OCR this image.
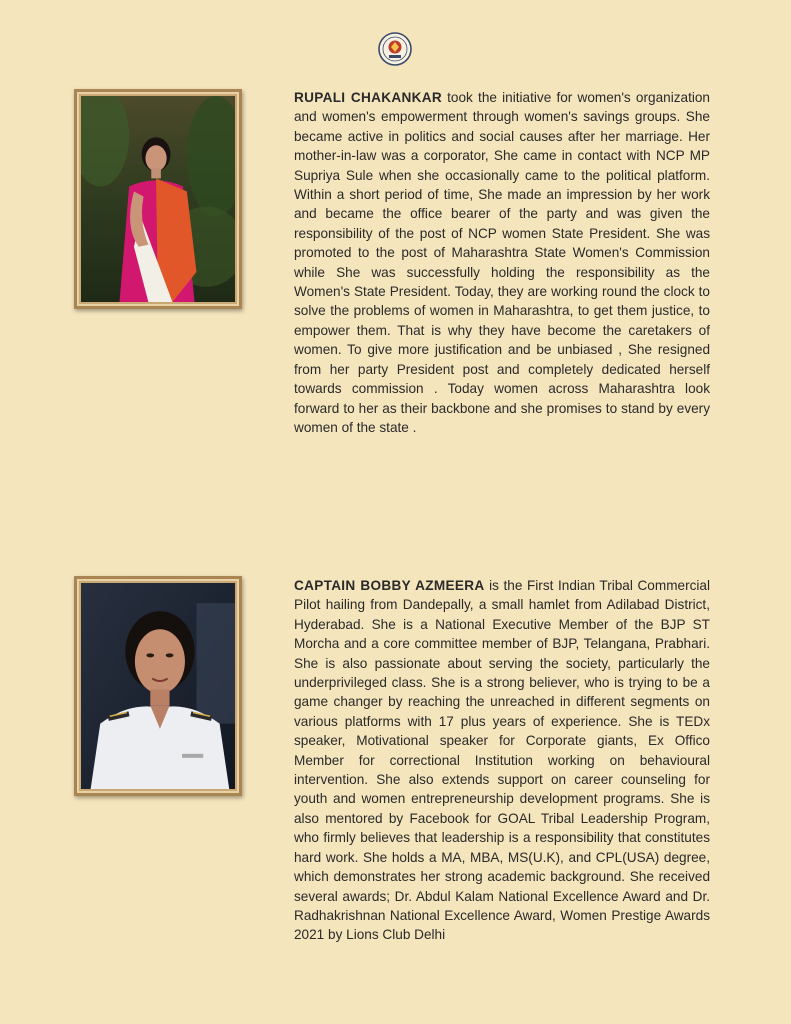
RUPALI CHAKANKAR took the initiative for women's organization and women's empowerment through women's savings groups. She became active in politics and social causes after her marriage. Her mother-in-law was a corporator, She came in contact with NCP MP Supriya Sule when she occasionally came to the political platform. Within a short period of time, She made an impression by her work and became the office bearer of the party and was given the responsibility of the post of NCP women State President. She was promoted to the post of Maharashtra State Women's Commission while She was successfully holding the responsibility as the Women's State President. Today, they are working round the clock to solve the problems of women in Maharashtra, to get them justice, to empower them. That is why they have become the caretakers of women. To give more justification and be unbiased , She resigned from her party President post and completely dedicated herself towards commission . Today women across Maharashtra look forward to her as their backbone and she promises to stand by every women of the state .

CAPTAIN BOBBY AZMEERA is the First Indian Tribal Commercial Pilot hailing from Dandepally, a small hamlet from Adilabad District, Hyderabad. She is a National Executive Member of the BJP ST Morcha and a core committee member of BJP, Telangana, Prabhari. She is also passionate about serving the society, particularly the underprivileged class. She is a strong believer, who is trying to be a game changer by reaching the unreached in different segments on various platforms with 17 plus years of experience. She is TEDx speaker, Motivational speaker for Corporate giants, Ex Offico Member for correctional Institution working on behavioural intervention. She also extends support on career counseling for youth and women entrepreneurship development programs. She is also mentored by Facebook for GOAL Tribal Leadership Program, who firmly believes that leadership is a responsibility that constitutes hard work. She holds a MA, MBA, MS(U.K), and CPL(USA) degree, which demonstrates her strong academic background. She received several awards; Dr. Abdul Kalam National Excellence Award and Dr. Radhakrishnan National Excellence Award, Women Prestige Awards 2021 by Lions Club Delhi
